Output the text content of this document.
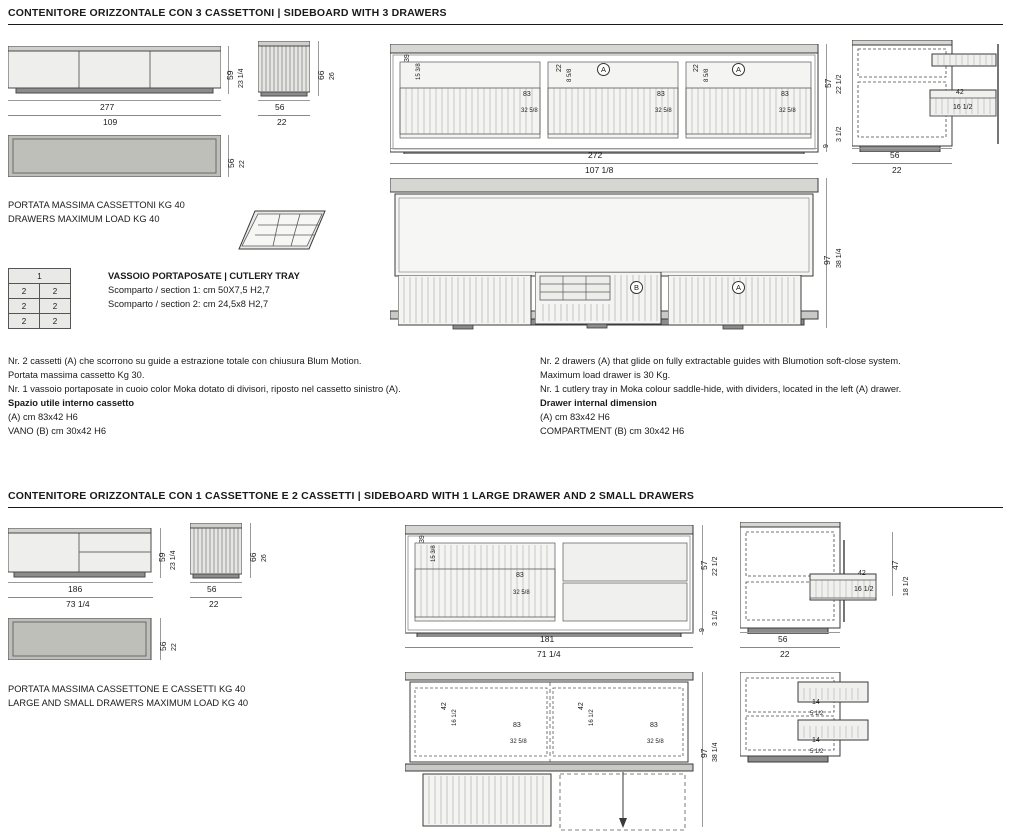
CONTENITORE ORIZZONTALE CON 3 CASSETTONI | SIDEBOARD WITH 3 DRAWERS
59 23 1/4
277
109
66 26
56
22
56 22
PORTATA MASSIMA CASSETTONI KG 40
DRAWERS MAXIMUM LOAD KG 40
1	
2	2
2	2
2	2
VASSOIO PORTAPOSATE | CUTLERY TRAY
Scomparto / section 1: cm 50X7,5 H2,7
Scomparto / section 2: cm 24,5x8 H2,7
A	A
39
15 3/8	22
8 5/8
22
8 5/8
83
32 5/8
83
32 5/8
83
32 5/8
57 22 1/2
9
3 1/2
272
107 1/8
42
16 1/2
56
22
B	A
97 38 1/4
Nr. 2 cassetti (A) che scorrono su guide a estrazione totale con chiusura Blum Motion.
Portata massima cassetto Kg 30.
Nr. 1 vassoio portaposate in cuoio color Moka dotato di divisori, riposto nel cassetto sinistro (A).
Spazio utile interno cassetto
(A) cm 83x42 H6
VANO (B) cm 30x42 H6
Nr. 2 drawers (A) that glide on fully extractable guides with Blumotion soft-close system.
Maximum load drawer is 30 Kg.
Nr. 1 cutlery tray in Moka colour saddle-hide, with dividers, located in the left (A) drawer.
Drawer internal dimension
(A) cm 83x42 H6
COMPARTMENT (B) cm 30x42 H6
CONTENITORE ORIZZONTALE CON 1 CASSETTONE E 2 CASSETTI | SIDEBOARD WITH 1 LARGE DRAWER AND 2 SMALL DRAWERS
59 23 1/4
186
73 1/4
66 26
56
22
56 22
PORTATA MASSIMA CASSETTONE E CASSETTI KG 40
LARGE AND SMALL DRAWERS MAXIMUM LOAD KG 40
39
15 3/8
83
32 5/8
57 22 1/2
9
3 1/2
181
71 1/4
42
16 1/2
47
18 1/2
56
22
42
16 1/2	83
32 5/8
42
16 1/2	83
32 5/8
97 38 1/4
14
5 1/2
14
5 1/2
